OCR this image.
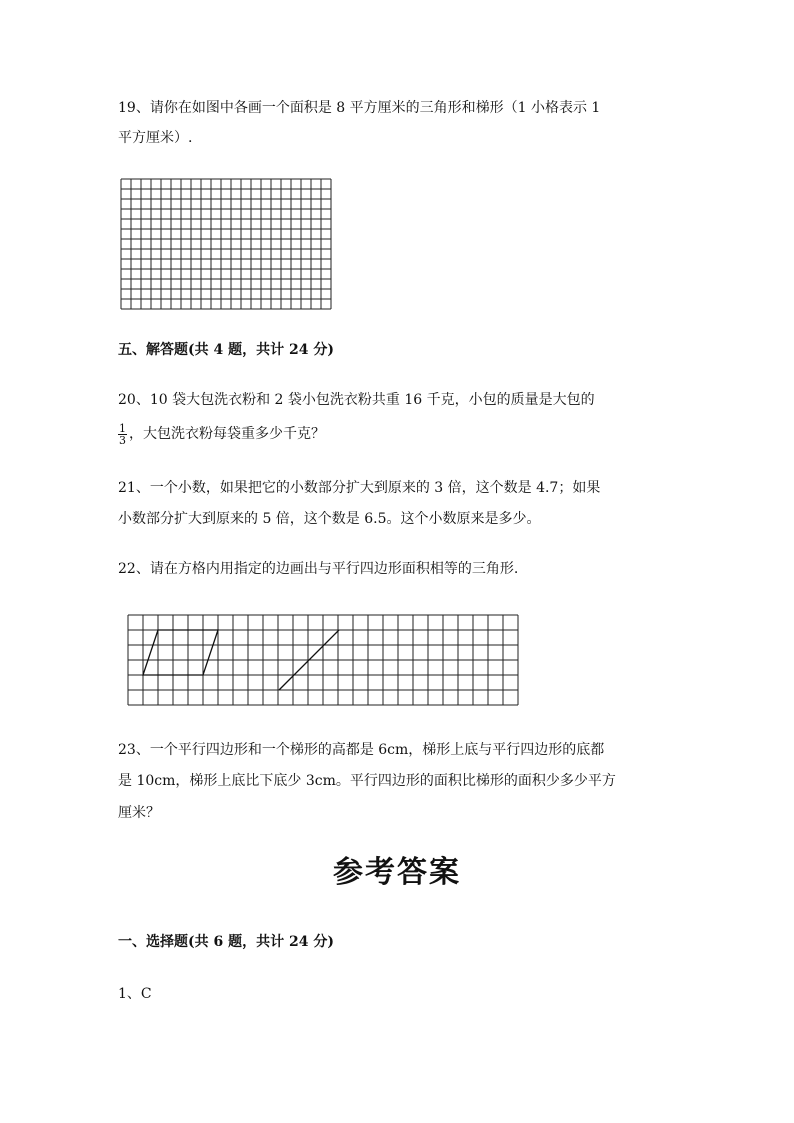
19、请你在如图中各画一个面积是 8 平方厘米的三角形和梯形（1 小格表示 1
平方厘米）.
五、解答题(共 4 题，共计 24 分)
20、10 袋大包洗衣粉和 2 袋小包洗衣粉共重 16 千克，小包的质量是大包的
$\frac{1}{3}$ ，大包洗衣粉每袋重多少千克？
21、一个小数，如果把它的小数部分扩大到原来的 3 倍，这个数是 4.7；如果
小数部分扩大到原来的 5 倍，这个数是 6.5。这个小数原来是多少。
22、请在方格内用指定的边画出与平行四边形面积相等的三角形.
23、一个平行四边形和一个梯形的高都是 6cm，梯形上底与平行四边形的底都
是 10cm，梯形上底比下底少 3cm。平行四边形的面积比梯形的面积少多少平方
厘米？
参考答案
一、选择题(共 6 题，共计 24 分)
1、C
